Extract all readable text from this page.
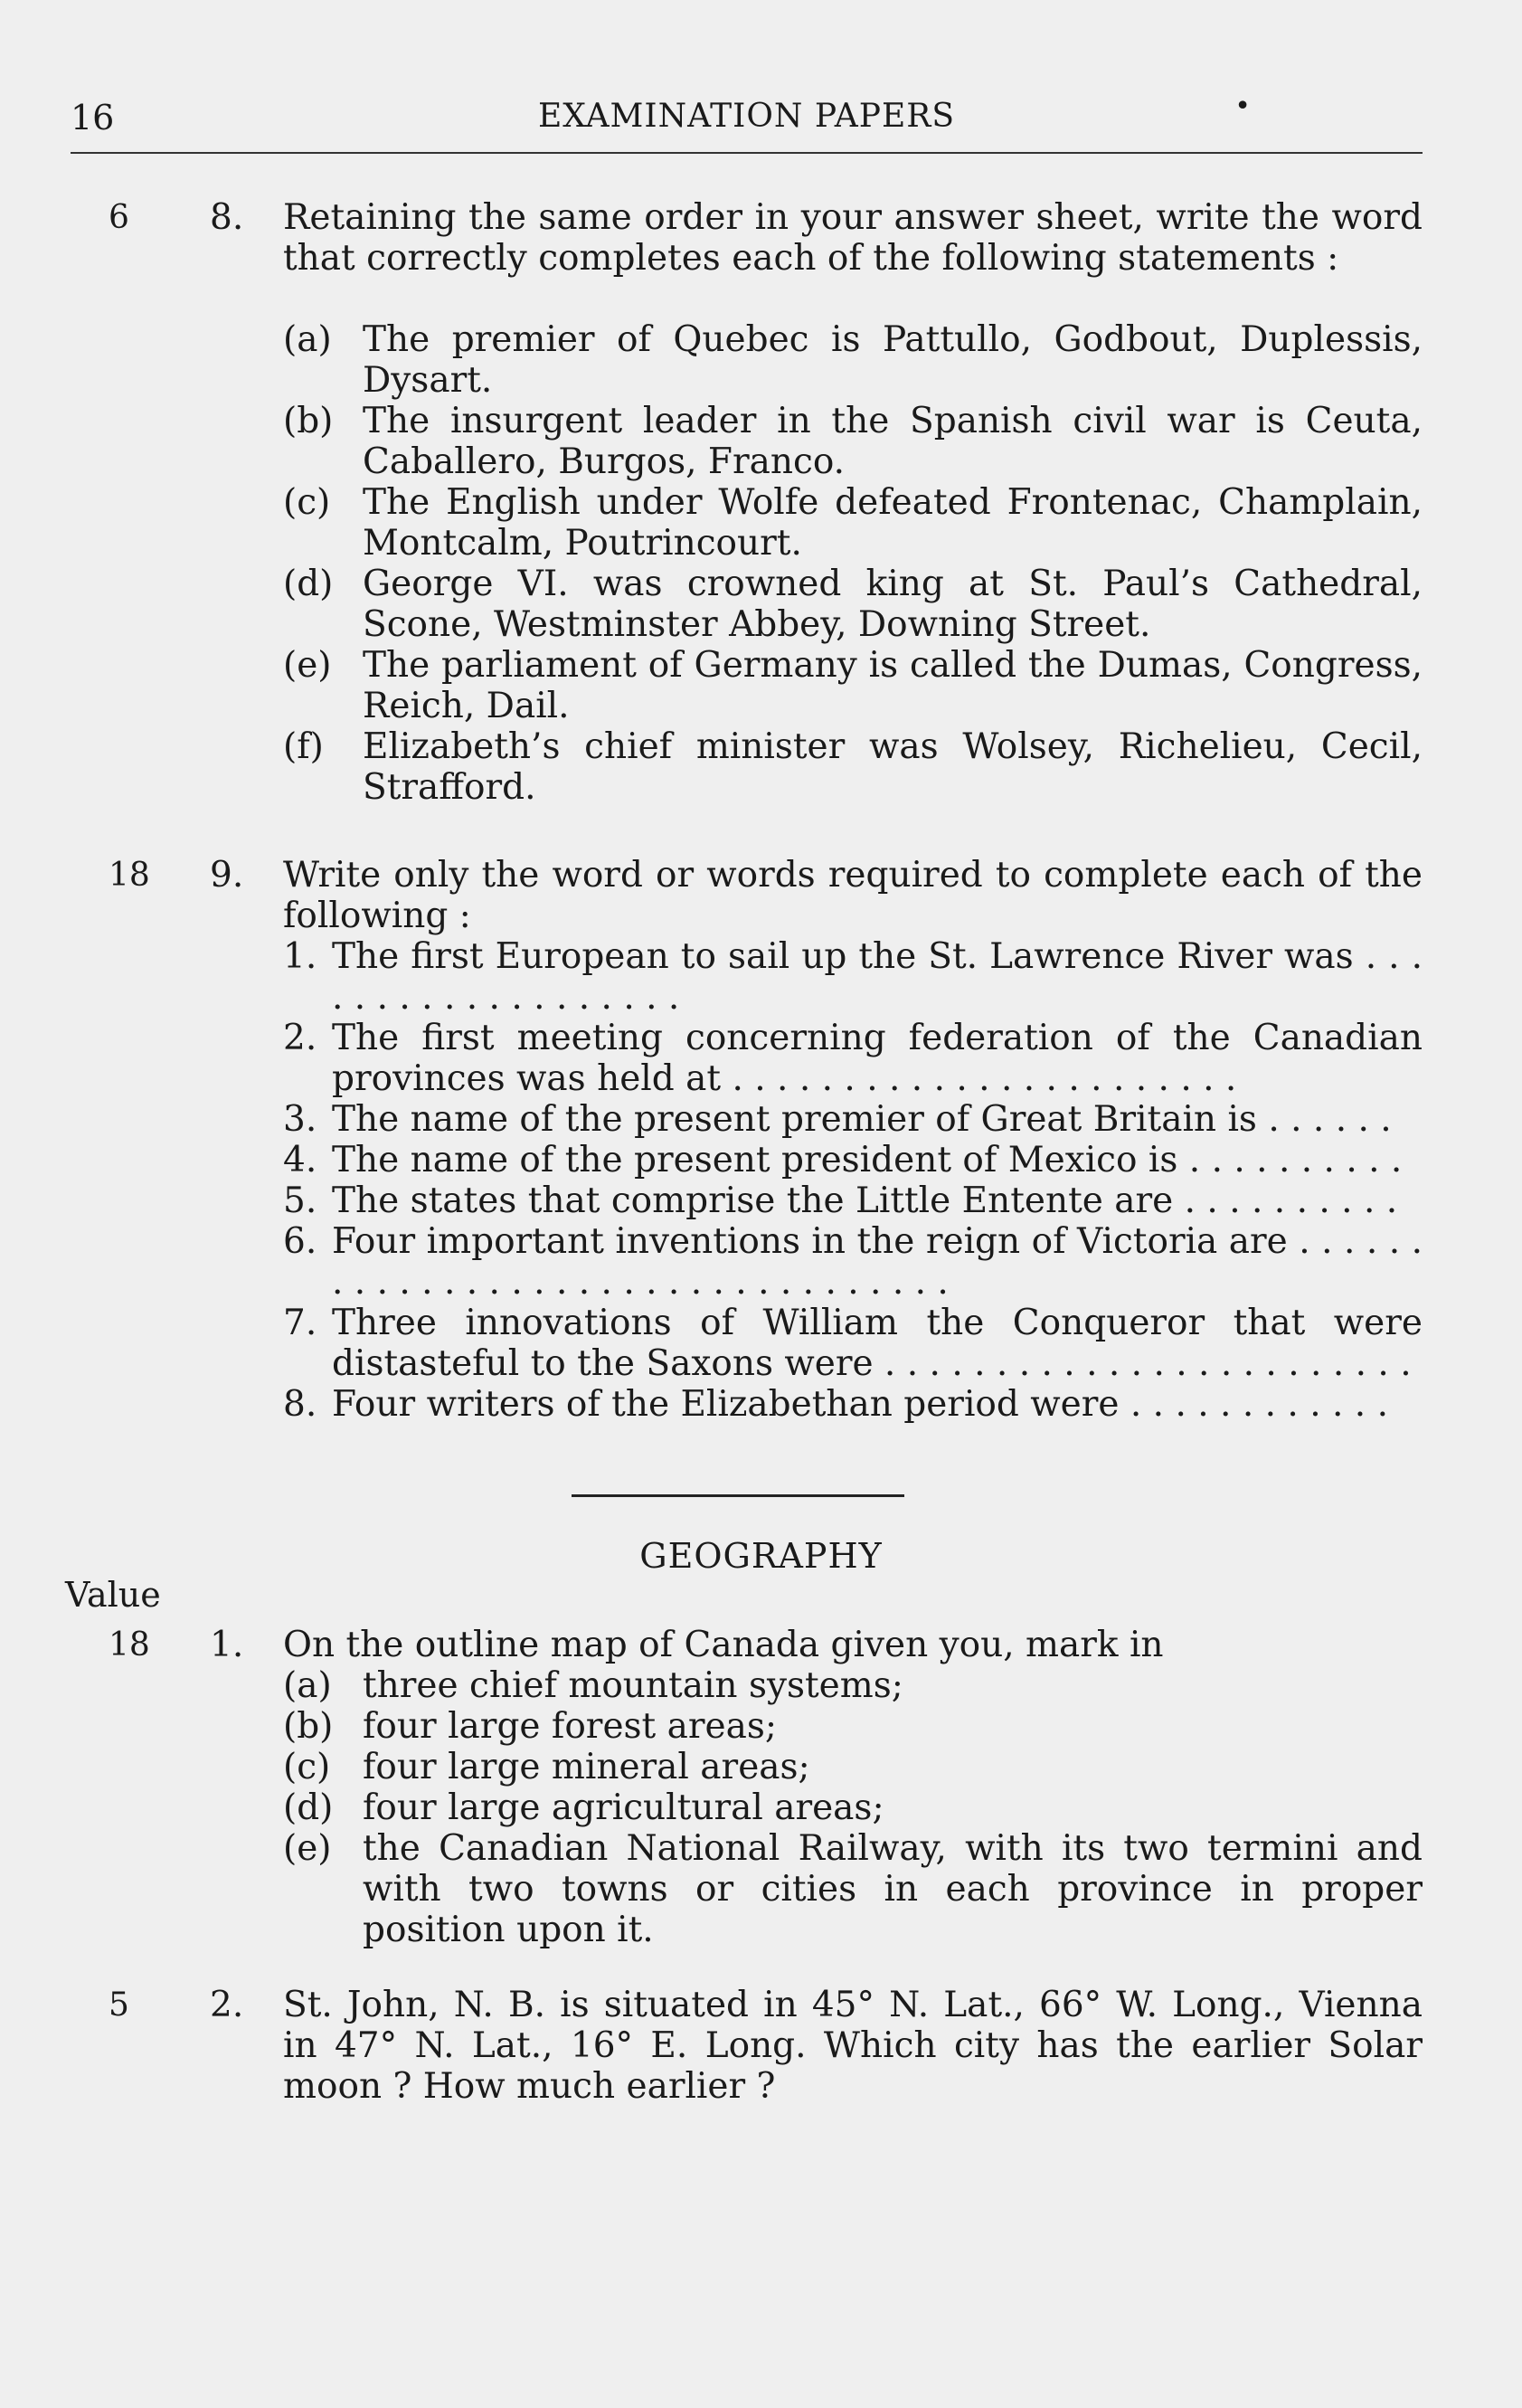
16	EXAMINATION PAPERS	•
6 8. Retaining the same order in your answer sheet, write the word that correctly completes each of the following statements :
(a) The premier of Quebec is Pattullo, Godbout, Duplessis, Dysart.
(b) The insurgent leader in the Spanish civil war is Ceuta, Caballero, Burgos, Franco.
(c) The English under Wolfe defeated Frontenac, Champlain, Montcalm, Poutrincourt.
(d) George VI. was crowned king at St. Paul’s Cathedral, Scone, Westminster Abbey, Downing Street.
(e) The parliament of Germany is called the Dumas, Congress, Reich, Dail.
(f) Elizabeth’s chief minister was Wolsey, Richelieu, Cecil, Strafford.
18 9. Write only the word or words required to complete each of the following :
1. The first European to sail up the St. Lawrence River was . . . . . . . . . . . . . . . . . . .
2. The first meeting concerning federation of the Canadian provinces was held at . . . . . . . . . . . . . . . . . . . . . . .
3. The name of the present premier of Great Britain is . . . . . .
4. The name of the present president of Mexico is . . . . . . . . . .
5. The states that comprise the Little Entente are . . . . . . . . . .
6. Four important inventions in the reign of Victoria are . . . . . . . . . . . . . . . . . . . . . . . . . . . . . . . . . .
7. Three innovations of William the Conqueror that were distasteful to the Saxons were . . . . . . . . . . . . . . . . . . . . . . . .
8. Four writers of the Elizabethan period were . . . . . . . . . . . .
GEOGRAPHY
Value
18 1. On the outline map of Canada given you, mark in
(a) three chief mountain systems;
(b) four large forest areas;
(c) four large mineral areas;
(d) four large agricultural areas;
(e) the Canadian National Railway, with its two termini and with two towns or cities in each province in proper position upon it.
5 2. St. John, N. B. is situated in 45° N. Lat., 66° W. Long., Vienna in 47° N. Lat., 16° E. Long. Which city has the earlier Solar moon ? How much earlier ?
